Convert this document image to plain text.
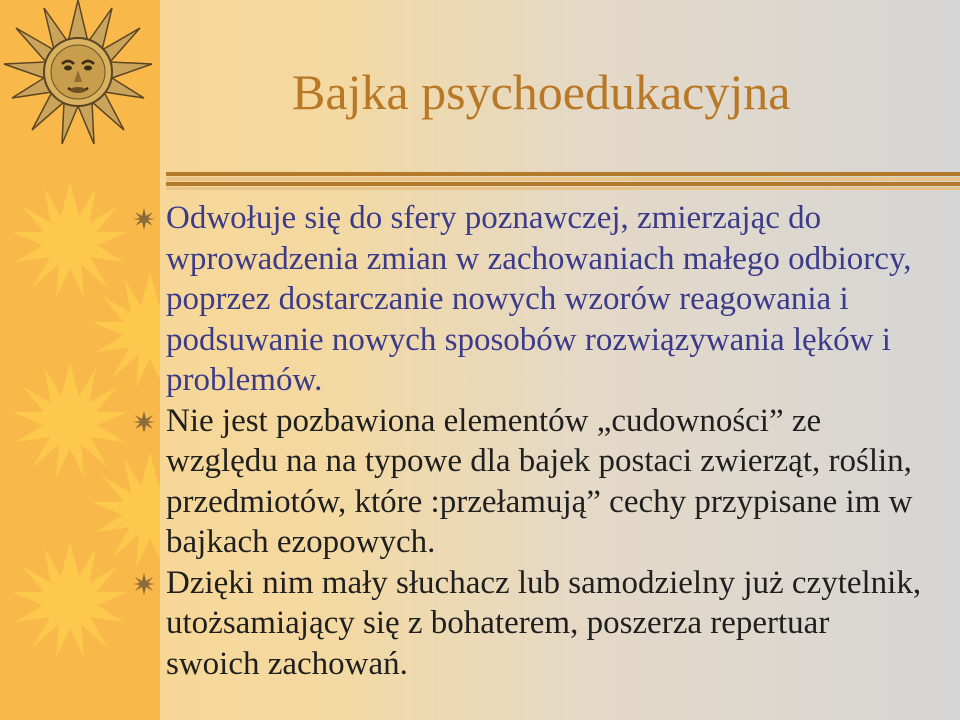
Bajka psychoedukacyjna
Odwołuje się do sfery poznawczej, zmierzając do wprowadzenia zmian w zachowaniach małego odbiorcy, poprzez dostarczanie nowych wzorów reagowania i podsuwanie nowych sposobów rozwiązywania lęków i problemów.
Nie jest pozbawiona elementów „cudowności” ze względu na na typowe dla bajek postaci zwierząt, roślin, przedmiotów, które :przełamują” cechy przypisane im w bajkach ezopowych.
Dzięki nim mały słuchacz lub samodzielny już czytelnik, utożsamiający się z bohaterem, poszerza repertuar swoich zachowań.
